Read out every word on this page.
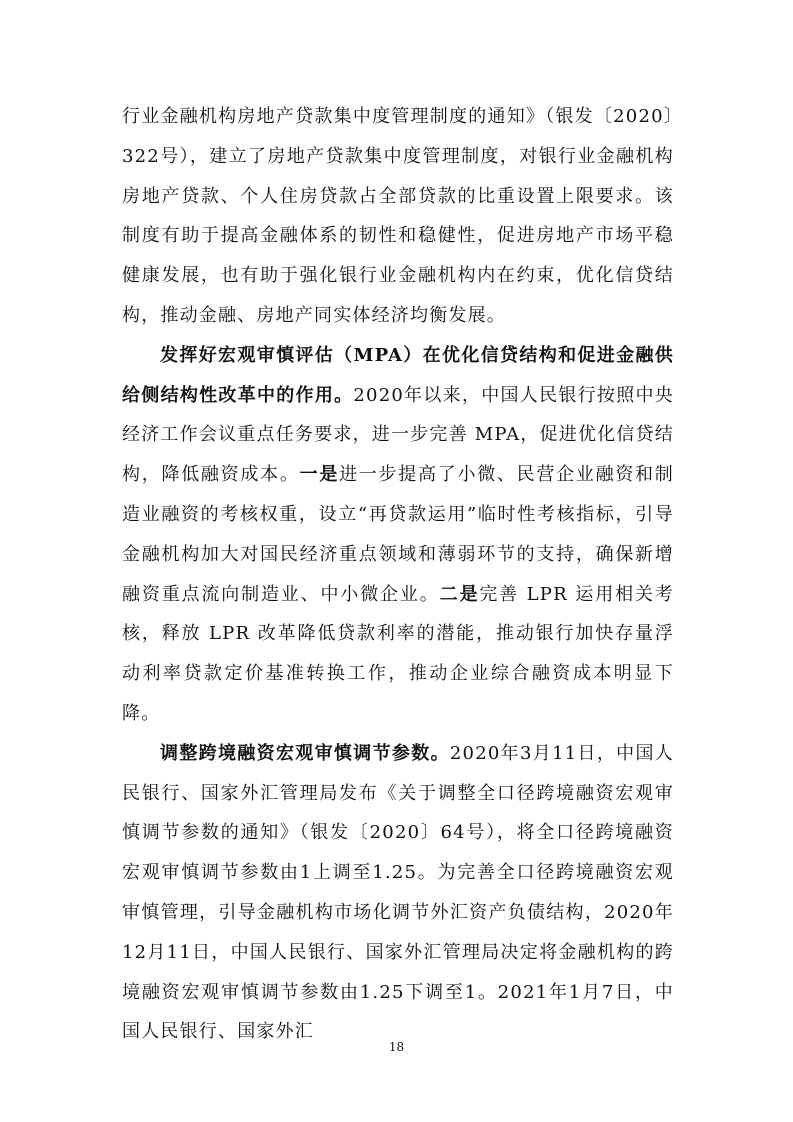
行业金融机构房地产贷款集中度管理制度的通知》（银发〔2020〕322号），建立了房地产贷款集中度管理制度，对银行业金融机构房地产贷款、个人住房贷款占全部贷款的比重设置上限要求。该制度有助于提高金融体系的韧性和稳健性，促进房地产市场平稳健康发展，也有助于强化银行业金融机构内在约束，优化信贷结构，推动金融、房地产同实体经济均衡发展。

发挥好宏观审慎评估（MPA）在优化信贷结构和促进金融供给侧结构性改革中的作用。2020年以来，中国人民银行按照中央经济工作会议重点任务要求，进一步完善 MPA，促进优化信贷结构，降低融资成本。一是进一步提高了小微、民营企业融资和制造业融资的考核权重，设立“再贷款运用”临时性考核指标，引导金融机构加大对国民经济重点领域和薄弱环节的支持，确保新增融资重点流向制造业、中小微企业。二是完善 LPR 运用相关考核，释放 LPR 改革降低贷款利率的潜能，推动银行加快存量浮动利率贷款定价基准转换工作，推动企业综合融资成本明显下降。

调整跨境融资宏观审慎调节参数。2020年3月11日，中国人民银行、国家外汇管理局发布《关于调整全口径跨境融资宏观审慎调节参数的通知》（银发〔2020〕64号），将全口径跨境融资宏观审慎调节参数由1上调至1.25。为完善全口径跨境融资宏观审慎管理，引导金融机构市场化调节外汇资产负债结构，2020年12月11日，中国人民银行、国家外汇管理局决定将金融机构的跨境融资宏观审慎调节参数由1.25下调至1。2021年1月7日，中国人民银行、国家外汇

18
